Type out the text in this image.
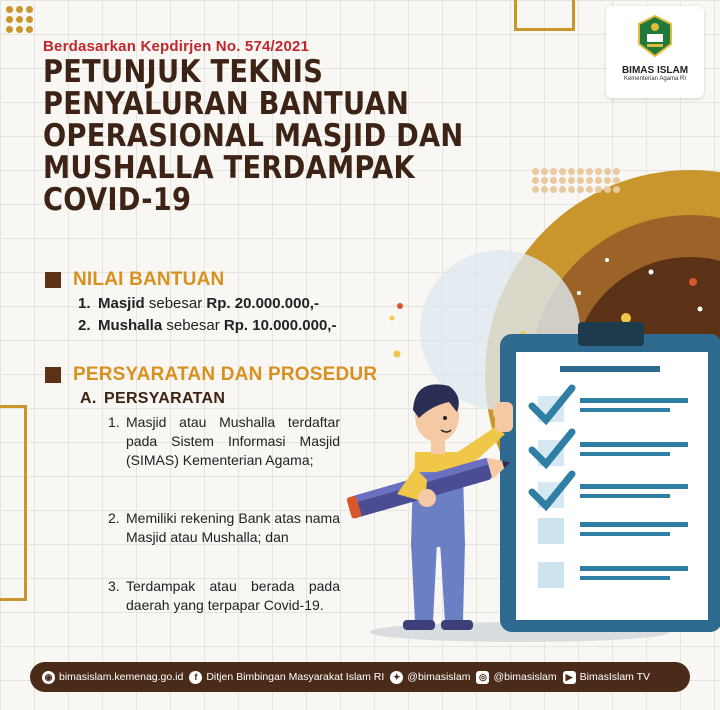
Berdasarkan Kepdirjen No. 574/2021
PETUNJUK TEKNIS
PENYALURAN BANTUAN
OPERASIONAL MASJID DAN
MUSHALLA TERDAMPAK
COVID-19
BIMAS ISLAM
Kementerian Agama RI
NILAI BANTUAN
1. Masjid sebesar Rp. 20.000.000,-
2. Mushalla sebesar Rp. 10.000.000,-
PERSYARATAN DAN PROSEDUR
A. PERSYARATAN
1. Masjid atau Mushalla terdaftar pada Sistem Informasi Masjid (SIMAS) Kementerian Agama;
2. Memiliki rekening Bank atas nama Masjid atau Mushalla; dan
3. Terdampak atau berada pada daerah yang terpapar Covid-19.
◉ bimasislam.kemenag.go.id	f Ditjen Bimbingan Masyarakat Islam RI ✦ @bimasislam ◎ @bimasislam	▶ BimasIslam TV
